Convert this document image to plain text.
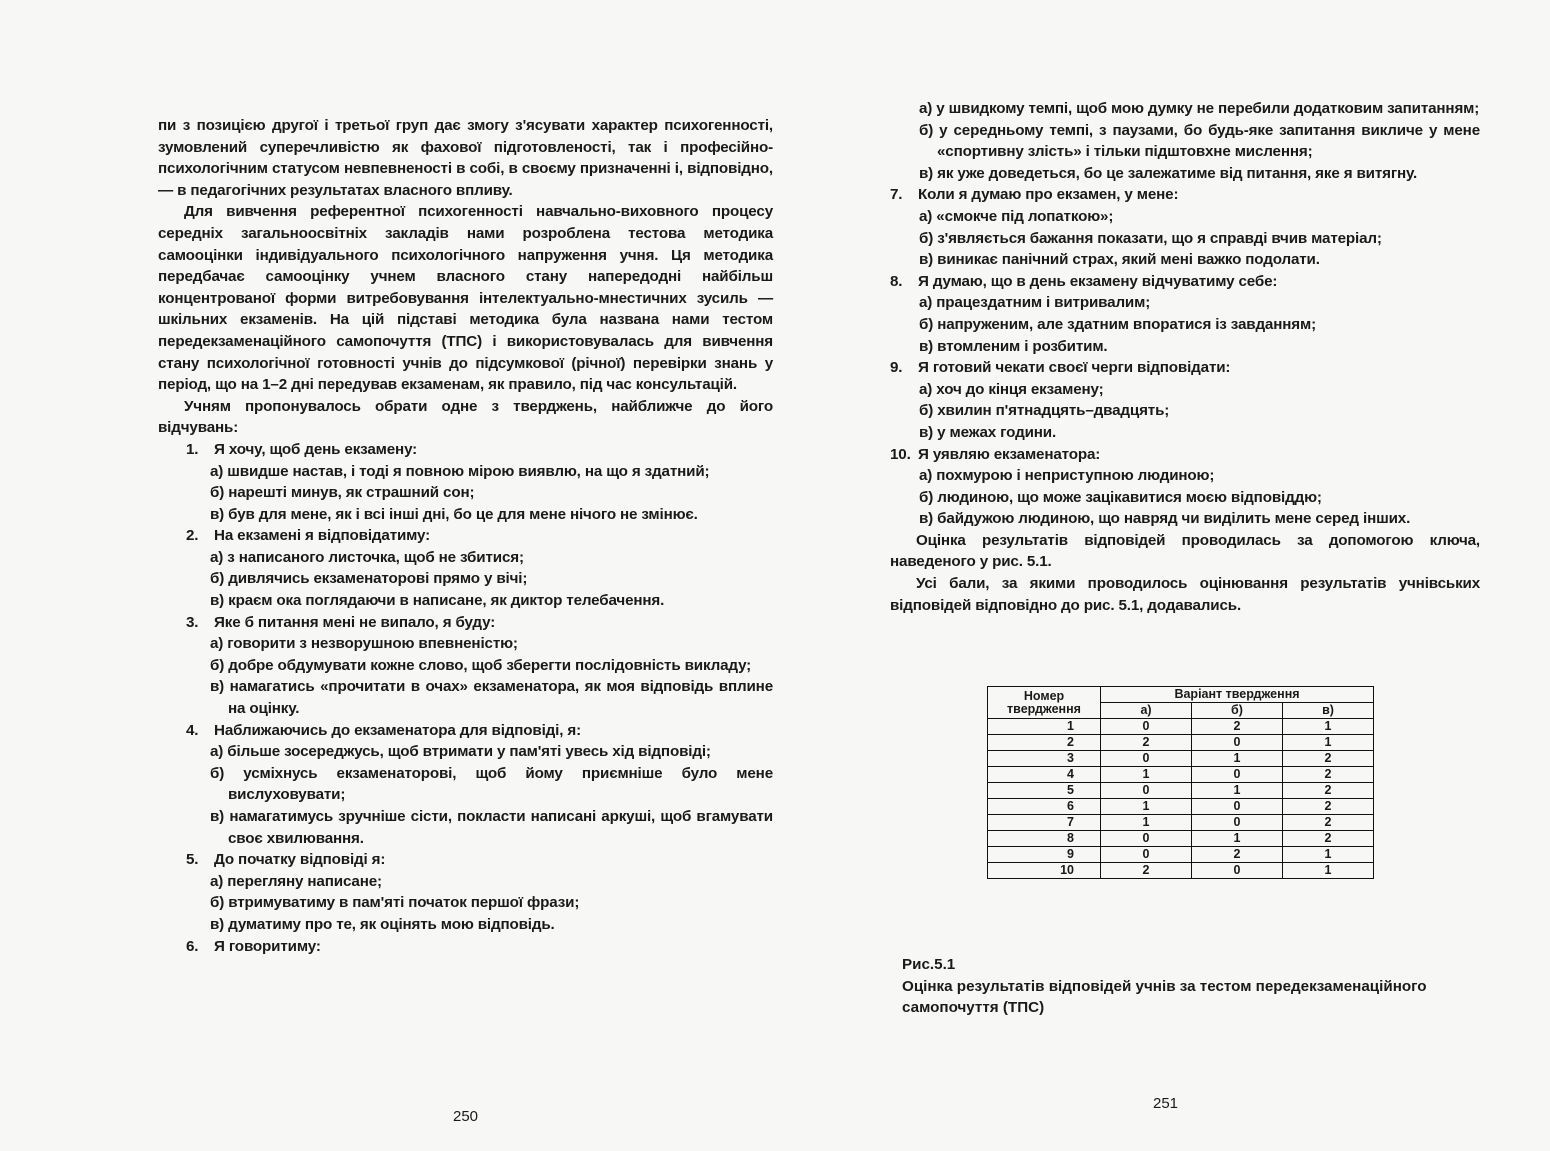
пи з позицією другої і третьої груп дає змогу з'ясувати характер психогенності, зумовлений суперечливістю як фахової підготовленості, так і професійно-психологічним статусом невпевненості в собі, в своєму призначенні і, відповідно, — в педагогічних результатах власного впливу.

Для вивчення референтної психогенності навчально-виховного процесу середніх загальноосвітніх закладів нами розроблена тестова методика самооцінки індивідуального психологічного напруження учня. Ця методика передбачає самооцінку учнем власного стану напередодні найбільш концентрованої форми витребовування інтелектуально-мнестичних зусиль — шкільних екзаменів. На цій підставі методика була названа нами тестом передекзаменаційного самопочуття (ТПС) і використовувалась для вивчення стану психологічної готовності учнів до підсумкової (річної) перевірки знань у період, що на 1–2 дні передував екзаменам, як правило, під час консультацій.

Учням пропонувалось обрати одне з тверджень, найближче до його відчувань:

1. Я хочу, щоб день екзамену:
а) швидше настав, і тоді я повною мірою виявлю, на що я здатний;
б) нарешті минув, як страшний сон;
в) був для мене, як і всі інші дні, бо це для мене нічого не змінює.
2. На екзамені я відповідатиму:
а) з написаного листочка, щоб не збитися;
б) дивлячись екзаменаторові прямо у вічі;
в) краєм ока поглядаючи в написане, як диктор телебачення.
3. Яке б питання мені не випало, я буду:
а) говорити з незворушною впевненістю;
б) добре обдумувати кожне слово, щоб зберегти послідовність викладу;
в) намагатись «прочитати в очах» екзаменатора, як моя відповідь вплине на оцінку.
4. Наближаючись до екзаменатора для відповіді, я:
а) більше зосереджусь, щоб втримати у пам'яті увесь хід відповіді;
б) усміхнусь екзаменаторові, щоб йому приємніше було мене вислуховувати;
в) намагатимусь зручніше сісти, покласти написані аркуші, щоб вгамувати своє хвилювання.
5. До початку відповіді я:
а) перегляну написане;
б) втримуватиму в пам'яті початок першої фрази;
в) думатиму про те, як оцінять мою відповідь.
6. Я говоритиму:
250
а) у швидкому темпі, щоб мою думку не перебили додатковим запитанням;
б) у середньому темпі, з паузами, бо будь-яке запитання викличе у мене «спортивну злість» і тільки підштовхне мислення;
в) як уже доведеться, бо це залежатиме від питання, яке я витягну.
7. Коли я думаю про екзамен, у мене:
а) «смокче під лопаткою»;
б) з'являється бажання показати, що я справді вчив матеріал;
в) виникає панічний страх, який мені важко подолати.
8. Я думаю, що в день екзамену відчуватиму себе:
а) працездатним і витривалим;
б) напруженим, але здатним впоратися із завданням;
в) втомленим і розбитим.
9. Я готовий чекати своєї черги відповідати:
а) хоч до кінця екзамену;
б) хвилин п'ятнадцять–двадцять;
в) у межах години.
10. Я уявляю екзаменатора:
а) похмурою і неприступною людиною;
б) людиною, що може зацікавитися моєю відповіддю;
в) байдужою людиною, що навряд чи виділить мене серед інших.

Оцінка результатів відповідей проводилась за допомогою ключа, наведеного у рис. 5.1.

Усі бали, за якими проводилось оцінювання результатів учнівських відповідей відповідно до рис. 5.1, додавались.

Номер твердження	Варіант твердження		
	а)	б)	в)
1	0	2	1
2	2	0	1
3	0	1	2
4	1	0	2
5	0	1	2
6	1	0	2
7	1	0	2
8	0	1	2
9	0	2	1
10	2	0	1
Рис.5.1
Оцінка результатів відповідей учнів за тестом передекзаменаційного самопочуття (ТПС)
251
